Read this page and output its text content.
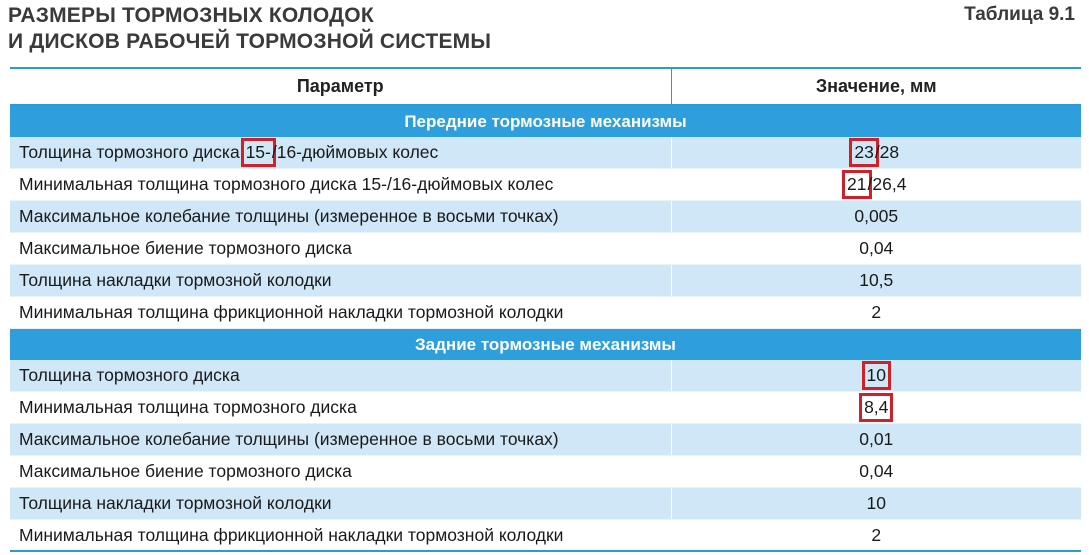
РАЗМЕРЫ ТОРМОЗНЫХ КОЛОДОК
И ДИСКОВ РАБОЧЕЙ ТОРМОЗНОЙ СИСТЕМЫ
Таблица 9.1
Параметр	Значение, мм
Передние тормозные механизмы	
Толщина тормозного диска 15-/16-дюймовых колес	23/28
Минимальная толщина тормозного диска 15-/16-дюймовых колес	21/26,4
Максимальное колебание толщины (измеренное в восьми точках)	0,005
Максимальное биение тормозного диска	0,04
Толщина накладки тормозной колодки	10,5
Минимальная толщина фрикционной накладки тормозной колодки	2
Задние тормозные механизмы	
Толщина тормозного диска	10
Минимальная толщина тормозного диска	8,4
Максимальное колебание толщины (измеренное в восьми точках)	0,01
Максимальное биение тормозного диска	0,04
Толщина накладки тормозной колодки	10
Минимальная толщина фрикционной накладки тормозной колодки	2
